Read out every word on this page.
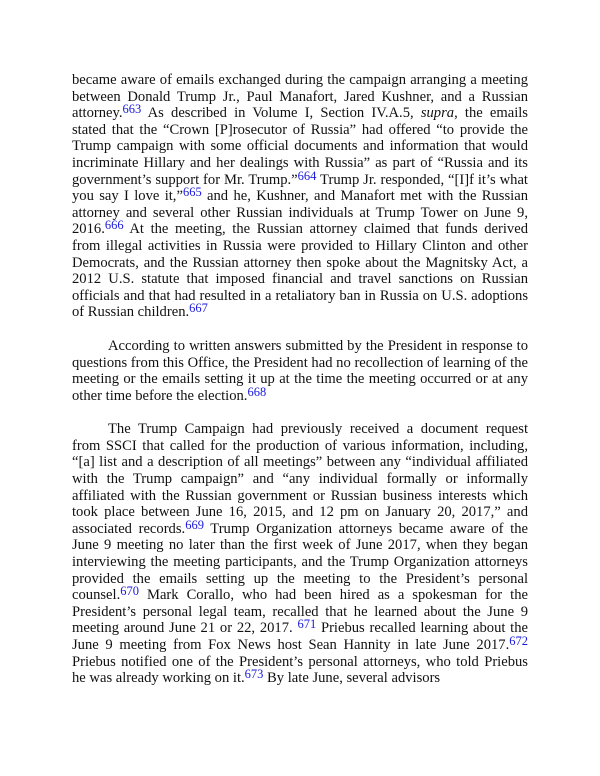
became aware of emails exchanged during the campaign arranging a meeting between Donald Trump Jr., Paul Manafort, Jared Kushner, and a Russian attorney.663 As described in Volume I, Section IV.A.5, supra, the emails stated that the “Crown [P]rosecutor of Russia” had offered “to provide the Trump campaign with some official documents and information that would incriminate Hillary and her dealings with Russia” as part of “Russia and its government’s support for Mr. Trump.”664 Trump Jr. responded, “[I]f it’s what you say I love it,”665 and he, Kushner, and Manafort met with the Russian attorney and several other Russian individuals at Trump Tower on June 9, 2016.666 At the meeting, the Russian attorney claimed that funds derived from illegal activities in Russia were provided to Hillary Clinton and other Democrats, and the Russian attorney then spoke about the Magnitsky Act, a 2012 U.S. statute that imposed financial and travel sanctions on Russian officials and that had resulted in a retaliatory ban in Russia on U.S. adoptions of Russian children.667

According to written answers submitted by the President in response to questions from this Office, the President had no recollection of learning of the meeting or the emails setting it up at the time the meeting occurred or at any other time before the election.668

The Trump Campaign had previously received a document request from SSCI that called for the production of various information, including, “[a] list and a description of all meetings” between any “individual affiliated with the Trump campaign” and “any individual formally or informally affiliated with the Russian government or Russian business interests which took place between June 16, 2015, and 12 pm on January 20, 2017,” and associated records.669 Trump Organization attorneys became aware of the June 9 meeting no later than the first week of June 2017, when they began interviewing the meeting participants, and the Trump Organization attorneys provided the emails setting up the meeting to the President’s personal counsel.670 Mark Corallo, who had been hired as a spokesman for the President’s personal legal team, recalled that he learned about the June 9 meeting around June 21 or 22, 2017. 671 Priebus recalled learning about the June 9 meeting from Fox News host Sean Hannity in late June 2017.672 Priebus notified one of the President’s personal attorneys, who told Priebus he was already working on it.673 By late June, several advisors
